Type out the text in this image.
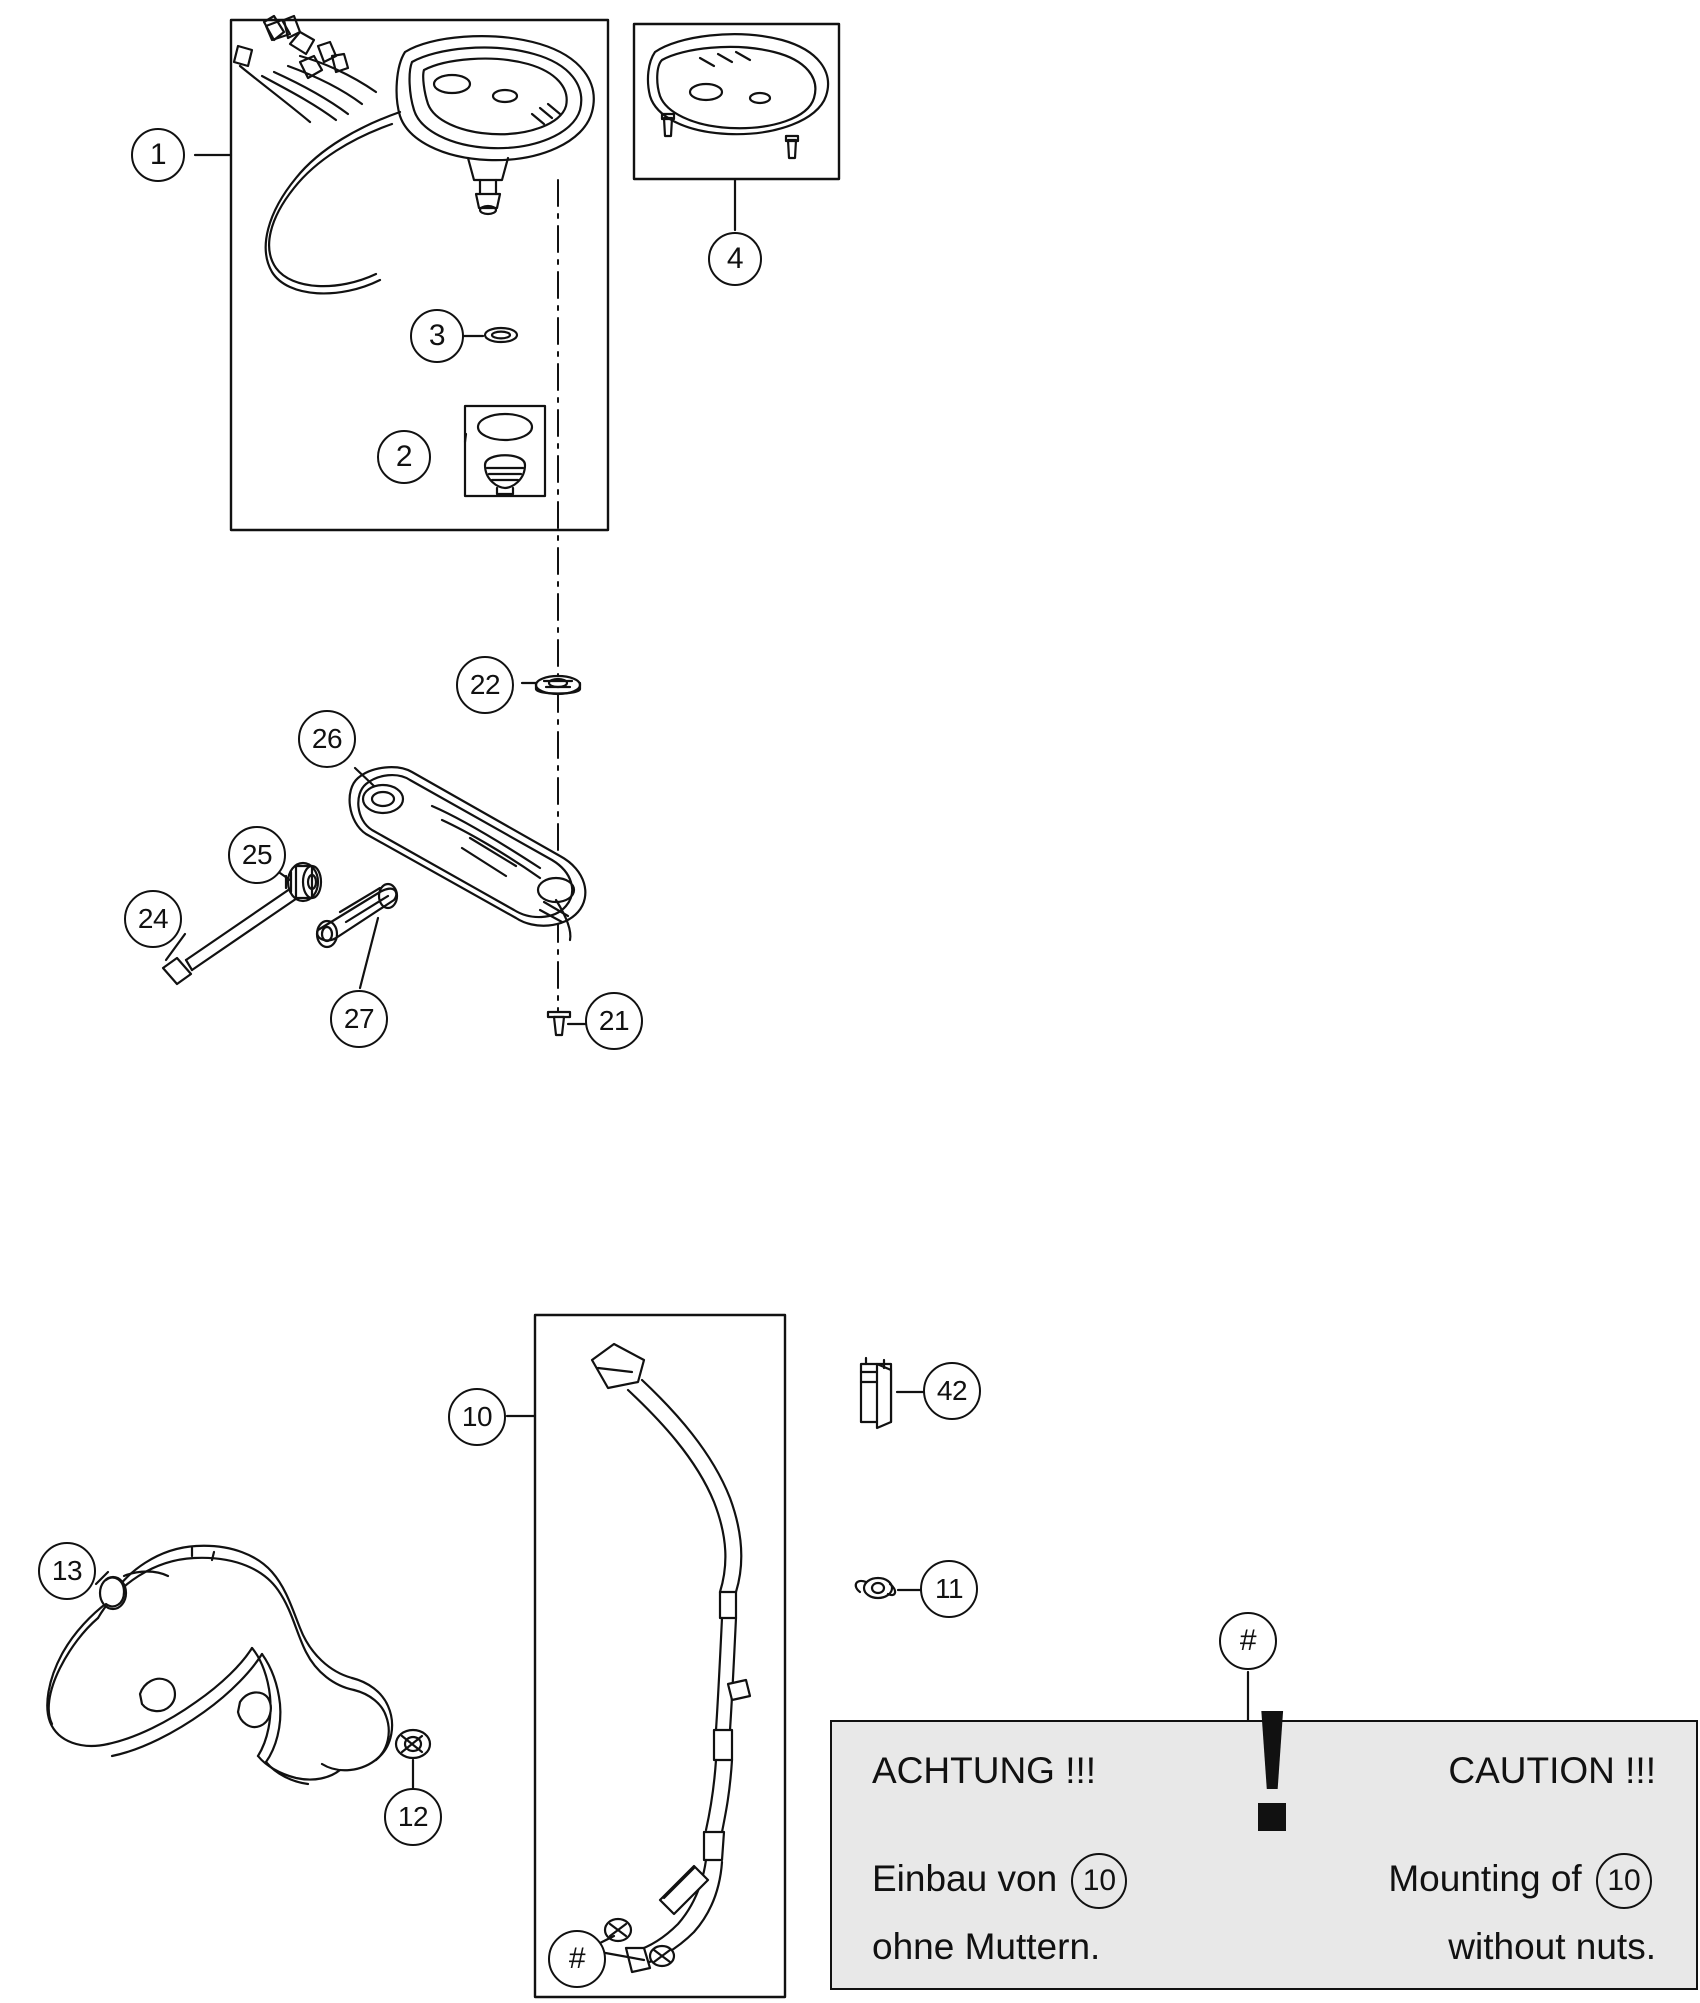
1
2
3
4
22
26
25
24
27	21
10
42
13
11
12
#
#
ACHTUNG !!!	CAUTION !!!
Einbau von 10	Mounting of 10
ohne Muttern.	without nuts.
